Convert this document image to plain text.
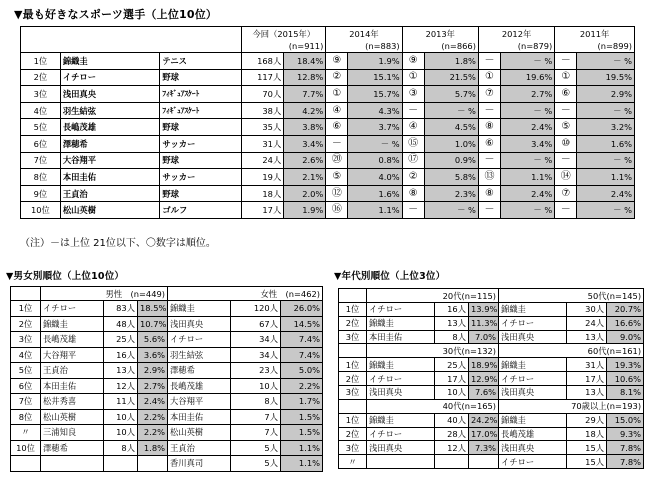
▼最も好きなスポーツ選手（上位10位）
			今回（2015年）		2014年		2013年		2012年		2011年	
			(n=911)		(n=883)		(n=866)		(n=879)		(n=899)	
1位	錦織圭	テニス	168人	18.4%	⑨	1.9%	⑨	1.8%	－	－ %	－	－ %
2位	イチロー	野球	117人	12.8%	②	15.1%	①	21.5%	①	19.6%	①	19.5%
3位	浅田真央	ﾌｨｷﾞｭｱｽｹｰﾄ	70人	7.7%	①	15.7%	③	5.7%	⑦	2.7%	⑥	2.9%
4位	羽生結弦	ﾌｨｷﾞｭｱｽｹｰﾄ	38人	4.2%	④	4.3%	－	－ %	－	－ %	－	－ %
5位	長嶋茂雄	野球	35人	3.8%	⑥	3.7%	④	4.5%	⑧	2.4%	⑤	3.2%
6位	澤穂希	サッカー	31人	3.4%	－	－ %	⑮	1.0%	⑥	3.4%	⑩	1.6%
7位	大谷翔平	野球	24人	2.6%	⑳	0.8%	⑰	0.9%	－	－ %	－	－ %
8位	本田圭佑	サッカー	19人	2.1%	⑤	4.0%	②	5.8%	⑬	1.1%	⑭	1.1%
9位	王貞治	野球	18人	2.0%	⑫	1.6%	⑧	2.3%	⑧	2.4%	⑦	2.4%
10位	松山英樹	ゴルフ	17人	1.9%	⑯	1.1%	－	－ %	－	－ %	－	－ %
（注）－は上位 21位以下、〇数字は順位。
▼男女別順位（上位10位）
	男性　 (n=449)			女性　 (n=462)		
1位	イチロー	83人	18.5%	錦織圭	120人	26.0%
2位	錦織圭	48人	10.7%	浅田真央	67人	14.5%
3位	長嶋茂雄	25人	5.6%	イチロー	34人	7.4%
4位	大谷翔平	16人	3.6%	羽生結弦	34人	7.4%
5位	王貞治	13人	2.9%	澤穂希	23人	5.0%
6位	本田圭佑	12人	2.7%	長嶋茂雄	10人	2.2%
7位	松井秀喜	11人	2.4%	大谷翔平	8人	1.7%
8位	松山英樹	10人	2.2%	本田圭佑	7人	1.5%
〃	三浦知良	10人	2.2%	松山英樹	7人	1.5%
10位	澤穂希	8人	1.8%	王貞治	5人	1.1%
				香川真司	5人	1.1%
▼年代別順位（上位3位）
	20代(n=115)			50代(n=145)		
1位	イチロー	16人	13.9%	錦織圭	30人	20.7%
2位	錦織圭	13人	11.3%	イチロー	24人	16.6%
3位	本田圭佑	8人	7.0%	浅田真央	13人	9.0%
	30代(n=132)			60代(n=161)		
1位	錦織圭	25人	18.9%	錦織圭	31人	19.3%
2位	イチロー	17人	12.9%	イチロー	17人	10.6%
3位	浅田真央	10人	7.6%	浅田真央	13人	8.1%
	40代(n=165)			70歳以上(n=193)		
1位	錦織圭	40人	24.2%	錦織圭	29人	15.0%
2位	イチロー	28人	17.0%	長嶋茂雄	18人	9.3%
3位	浅田真央	12人	7.3%	浅田真央	15人	7.8%
〃				イチロー	15人	7.8%
